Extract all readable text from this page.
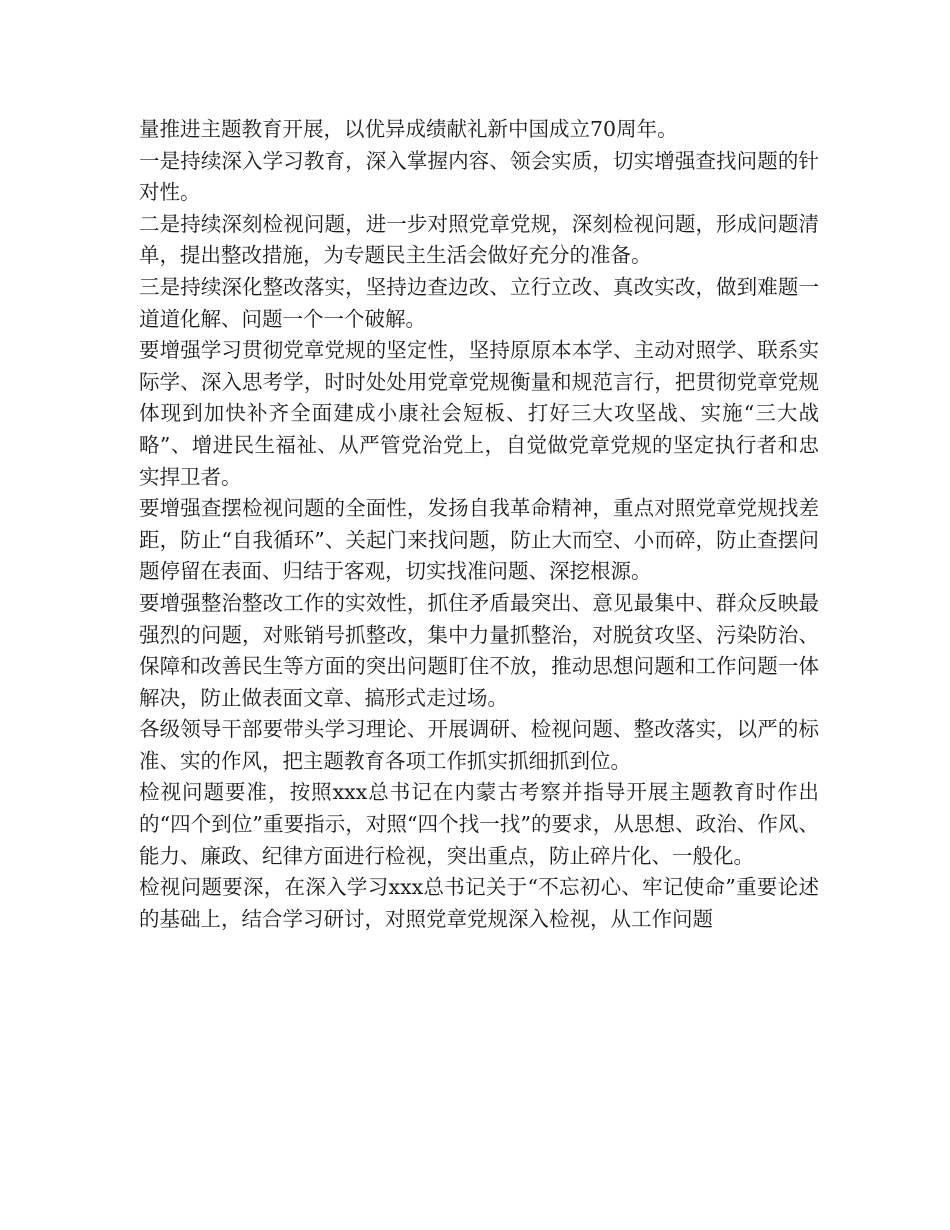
量推进主题教育开展，以优异成绩献礼新中国成立70周年。

一是持续深入学习教育，深入掌握内容、领会实质，切实增强查找问题的针对性。

二是持续深刻检视问题，进一步对照党章党规，深刻检视问题，形成问题清单，提出整改措施，为专题民主生活会做好充分的准备。

三是持续深化整改落实，坚持边查边改、立行立改、真改实改，做到难题一道道化解、问题一个一个破解。

要增强学习贯彻党章党规的坚定性，坚持原原本本学、主动对照学、联系实际学、深入思考学，时时处处用党章党规衡量和规范言行，把贯彻党章党规体现到加快补齐全面建成小康社会短板、打好三大攻坚战、实施“三大战略”、增进民生福祉、从严管党治党上，自觉做党章党规的坚定执行者和忠实捍卫者。

要增强查摆检视问题的全面性，发扬自我革命精神，重点对照党章党规找差距，防止“自我循环”、关起门来找问题，防止大而空、小而碎，防止查摆问题停留在表面、归结于客观，切实找准问题、深挖根源。

要增强整治整改工作的实效性，抓住矛盾最突出、意见最集中、群众反映最强烈的问题，对账销号抓整改，集中力量抓整治，对脱贫攻坚、污染防治、保障和改善民生等方面的突出问题盯住不放，推动思想问题和工作问题一体解决，防止做表面文章、搞形式走过场。

各级领导干部要带头学习理论、开展调研、检视问题、整改落实，以严的标准、实的作风，把主题教育各项工作抓实抓细抓到位。

检视问题要准，按照xxx总书记在内蒙古考察并指导开展主题教育时作出的“四个到位”重要指示，对照“四个找一找”的要求，从思想、政治、作风、能力、廉政、纪律方面进行检视，突出重点，防止碎片化、一般化。

检视问题要深，在深入学习xxx总书记关于“不忘初心、牢记使命”重要论述的基础上，结合学习研讨，对照党章党规深入检视，从工作问题
